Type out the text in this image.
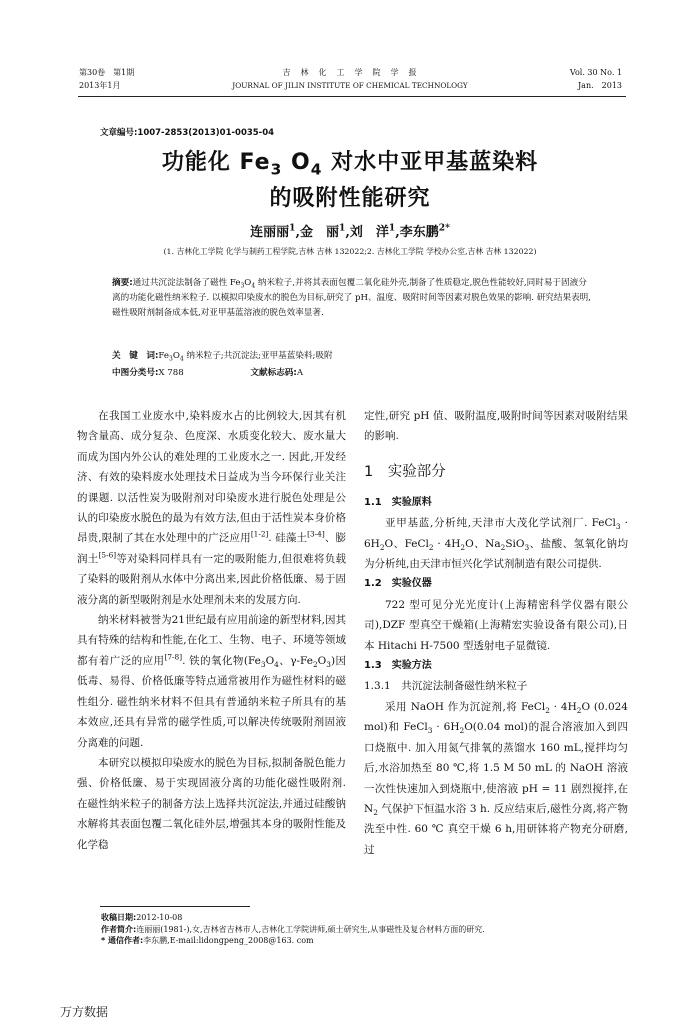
第30卷　第1期
2013年1月
吉　林　化　工　学　院　学　报
JOURNAL OF JILIN INSTITUTE OF CHEMICAL TECHNOLOGY
Vol. 30 No. 1
Jan.　2013
文章编号:1007-2853(2013)01-0035-04
功能化 $Fe_3$ $O_4$ 对水中亚甲基蓝染料
的吸附性能研究
连丽丽$^1$,金　丽$^1$,刘　洋$^1$,李东鹏$^{2*}$
(1. 吉林化工学院 化学与制药工程学院,吉林 吉林 132022;2. 吉林化工学院 学校办公室,吉林 吉林 132022)
摘要:通过共沉淀法制备了磁性 $Fe_3O_4$ 纳米粒子,并将其表面包覆二氧化硅外壳,制备了性质稳定,脱色性能较好,同时易于固液分离的功能化磁性纳米粒子. 以模拟印染废水的脱色为目标,研究了 pH、温度、吸附时间等因素对脱色效果的影响. 研究结果表明,磁性吸附剂制备成本低,对亚甲基蓝溶液的脱色效率显著.
关　键　词$:Fe_3O_4$ 纳米粒子;共沉淀法;亚甲基蓝染料;吸附
中图分类号:X 788	文献标志码:A

在我国工业废水中,染料废水占的比例较大,因其有机物含量高、成分复杂、色度深、水质变化较大、废水量大而成为国内外公认的难处理的工业废水之一. 因此,开发经济、有效的染料废水处理技术日益成为当今环保行业关注的课题. 以活性炭为吸附剂对印染废水进行脱色处理是公认的印染废水脱色的最为有效方法,但由于活性炭本身价格昂贵,限制了其在水处理中的广泛应用[1-2]. 硅藻土[3-4]、膨润土[5-6]等对染料同样具有一定的吸附能力,但很难将负载了染料的吸附剂从水体中分离出来,因此价格低廉、易于固液分离的新型吸附剂是水处理剂未来的发展方向.

纳米材料被誉为21世纪最有应用前途的新型材料,因其具有特殊的结构和性能,在化工、生物、电子、环境等领域都有着广泛的应用[7-8]. 铁的氧化物($Fe_3O_4$、$\gamma-Fe_2O_3$)因低毒、易得、价格低廉等特点通常被用作为磁性材料的磁性组分. 磁性纳米材料不但具有普通纳米粒子所具有的基本效应,还具有异常的磁学性质,可以解决传统吸附剂固液分离难的问题.

本研究以模拟印染废水的脱色为目标,拟制备脱色能力强、价格低廉、易于实现固液分离的功能化磁性吸附剂. 在磁性纳米粒子的制备方法上选择共沉淀法,并通过硅酸钠水解将其表面包覆二氧化硅外层,增强其本身的吸附性能及化学稳

定性,研究 pH 值、吸附温度,吸附时间等因素对吸附结果的影响.
1　实验部分
1.1　实验原料

亚甲基蓝,分析纯,天津市大茂化学试剂厂. FeCl$_3$ · $6H_2O$、FeCl$_2$ · $4H_2O$、$Na_2SiO_3$、盐酸、氢氧化钠均为分析纯,由天津市恒兴化学试剂制造有限公司提供.

1.2　实验仪器

722 型可见分光光度计(上海精密科学仪器有限公司),DZF 型真空干燥箱(上海精宏实验设备有限公司),日本 Hitachi H-7500 型透射电子显微镜.

1.3　实验方法
1.3.1　共沉淀法制备磁性纳米粒子

采用 NaOH 作为沉淀剂,将 FeCl$_2$ · $4H_2O$ (0.024 mol)和 FeCl$_3$ · $6H_2O(0.04$ mol)的混合溶液加入到四口烧瓶中. 加入用氮气排氧的蒸馏水 160 mL,搅拌均匀后,水浴加热至 80 ℃,将 1.5 M 50 mL 的 NaOH 溶液一次性快速加入到烧瓶中,使溶液 pH = 11 剧烈搅拌,在 $N_2$ 气保护下恒温水浴 3 h. 反应结束后,磁性分离,将产物洗至中性. 60 ℃ 真空干燥 6 h,用研钵将产物充分研磨,过

收稿日期:2012-10-08
作者简介:连丽丽(1981-),女,吉林省吉林市人,吉林化工学院讲师,硕士研究生,从事磁性及复合材料方面的研究.
* 通信作者:李东鹏,E-mail:lidongpeng_2008@163. com
万方数据
